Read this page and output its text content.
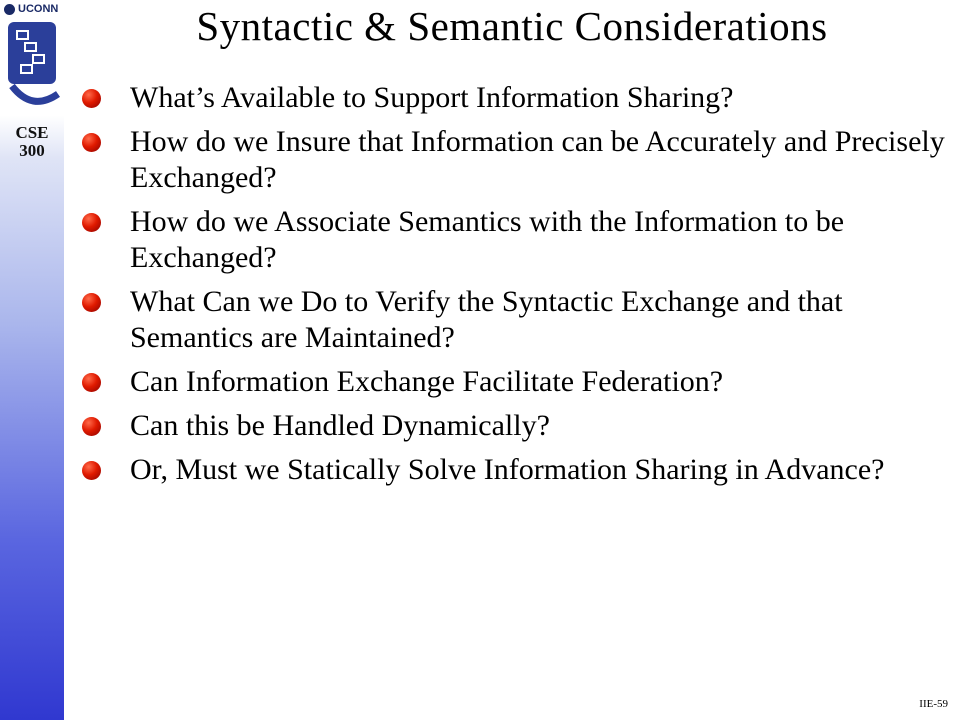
UCONN
CSE
300
Syntactic & Semantic Considerations
What’s Available to Support Information Sharing?
How do we Insure that Information can be Accurately and Precisely Exchanged?
How do we Associate Semantics with the Information to be Exchanged?
What Can we Do to Verify the Syntactic Exchange and that Semantics are Maintained?
Can Information Exchange Facilitate Federation?
Can this be Handled Dynamically?
Or, Must we Statically Solve Information Sharing in Advance?
IIE-59
